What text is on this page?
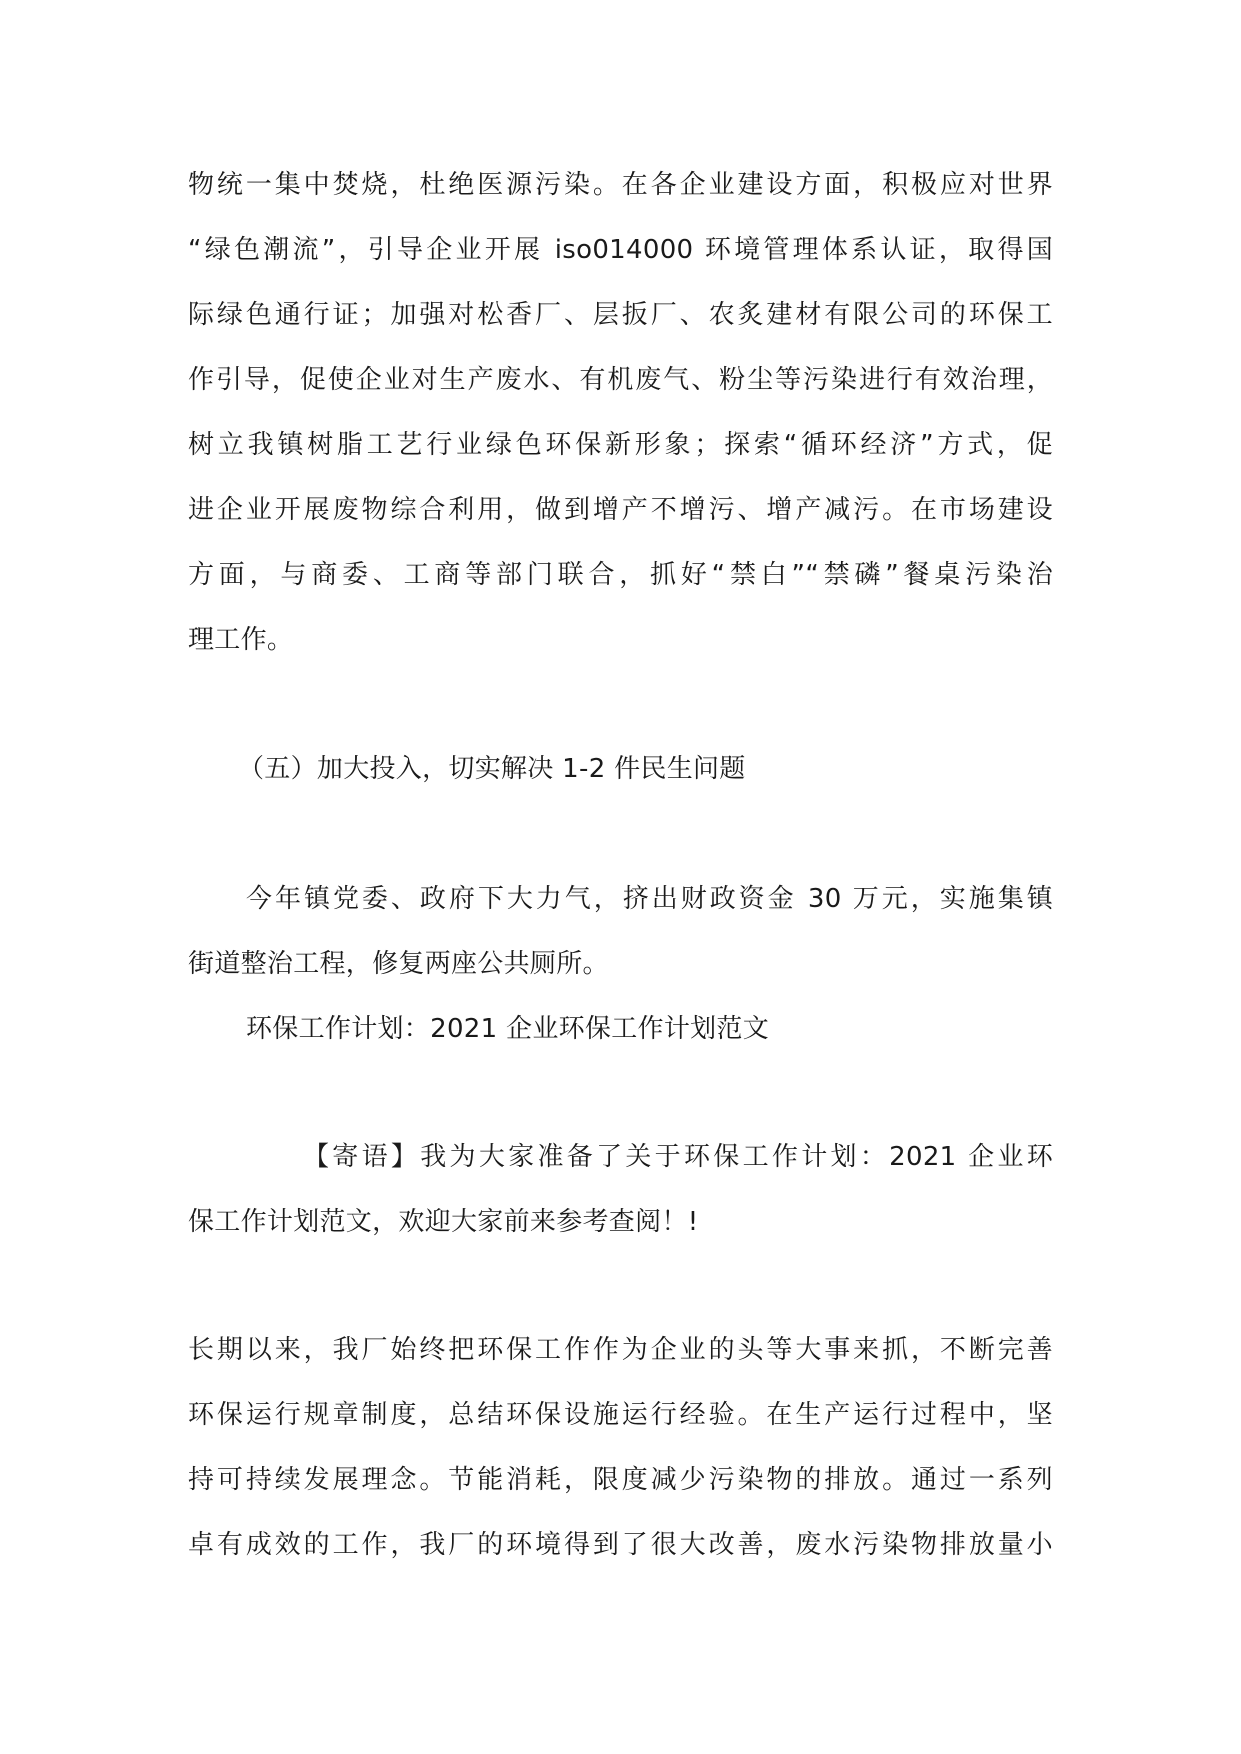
物统一集中焚烧，杜绝医源污染。在各企业建设方面，积极应对世界
“绿色潮流”，引导企业开展 iso014000 环境管理体系认证，取得国
际绿色通行证；加强对松香厂、层扳厂、农炙建材有限公司的环保工
作引导，促使企业对生产废水、有机废气、粉尘等污染进行有效治理，
树立我镇树脂工艺行业绿色环保新形象；探索“循环经济”方式，促
进企业开展废物综合利用，做到增产不增污、增产减污。在市场建设
方面，与商委、工商等部门联合，抓好“禁白”“禁磷”餐桌污染治
理工作。
（五）加大投入，切实解决 1-2 件民生问题
今年镇党委、政府下大力气，挤出财政资金 30 万元，实施集镇
街道整治工程，修复两座公共厕所。
环保工作计划：2021 企业环保工作计划范文
【寄语】我为大家准备了关于环保工作计划：2021 企业环
保工作计划范文，欢迎大家前来参考查阅！!
长期以来，我厂始终把环保工作作为企业的头等大事来抓，不断完善
环保运行规章制度，总结环保设施运行经验。在生产运行过程中，坚
持可持续发展理念。节能消耗，限度减少污染物的排放。通过一系列
卓有成效的工作，我厂的环境得到了很大改善，废水污染物排放量小
